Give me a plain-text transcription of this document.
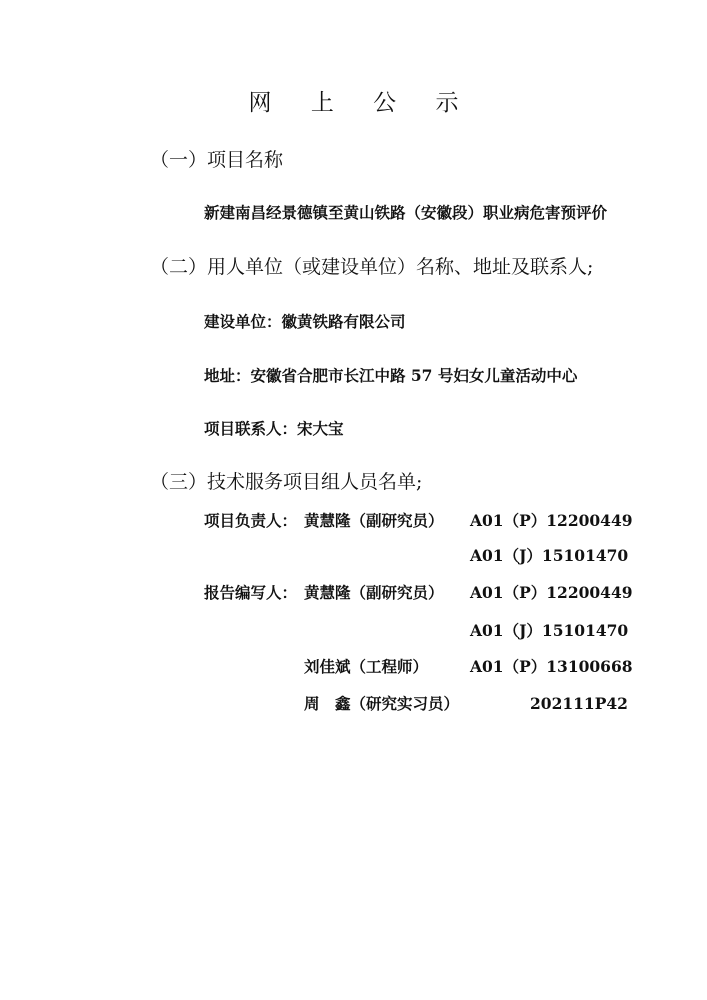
网 上 公 示
（一）项目名称
新建南昌经景德镇至黄山铁路（安徽段）职业病危害预评价
（二）用人单位（或建设单位）名称、地址及联系人;
建设单位：徽黄铁路有限公司
地址：安徽省合肥市长江中路 57 号妇女儿童活动中心
项目联系人：宋大宝
（三）技术服务项目组人员名单;
项目负责人： 黄慧隆（副研究员） A01（P）12200449
A01（J）15101470
报告编写人： 黄慧隆（副研究员） A01（P）12200449
A01（J）15101470
刘佳斌（工程师）	A01（P）13100668
周　鑫（研究实习员）	202111P42
